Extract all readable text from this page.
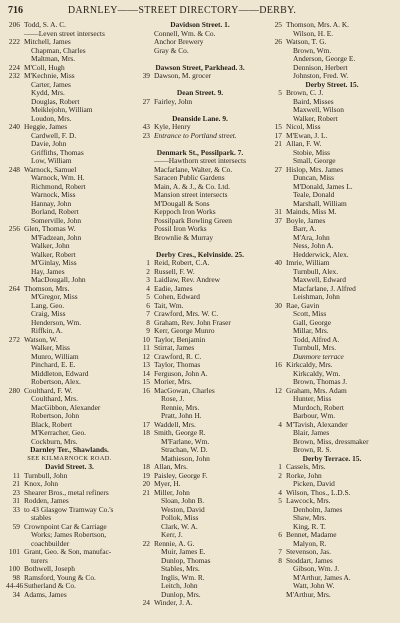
716	DARNLEY——STREET DIRECTORY——DERBY.
206 Todd, S. A. C.
——Leven street intersects
222 Mitchell, James
Chapman, Charles
Maltman, Mrs.
224 M'Coll, Hugh
232 M'Kechnie, Miss
Carter, James
Kydd, Mrs.
Douglas, Robert
Meiklejohn, William
Loudon, Mrs.
240 Heggie, James
Cardwell, F. D.
Davie, John
Griffiths, Thomas
Low, William
248 Warnock, Samuel
Warnock, Wm. H.
Richmond, Robert
Warnock, Miss
Hannay, John
Borland, Robert
Somerville, John
256 Glen, Thomas W.
M'Fadzean, John
Walker, John
Walker, Robert
M'Ginlay, Miss
Hay, James
MacDougall, John
264 Thomson, Mrs.
M'Gregor, Miss
Lang, Geo.
Craig, Miss
Henderson, Wm.
Riffkin, A.
272 Watson, W.
Walker, Miss
Munro, William
Pinchard, E. E.
Middleton, Edward
Robertson, Alex.
280 Coulthard, F. W.
Coulthard, Mrs.
MacGibbon, Alexander
Robertson, John
Black, Robert
M'Kerracher, Geo.
Cockburn, Mrs.
Darnley Ter., Shawlands.
SEE KILMARNOCK ROAD.
David Street. 3.
11 Turnbull, John
21 Knox, John
23 Shearer Bros., metal refiners
31 Rodden, James
33 to 43 Glasgow Tramway Co.'s
stables
59 Crownpoint Car & Carriage
Works; James Robertson,
coachbuilder
101 Grant, Geo. & Son, manufac-
turers
100 Bothwell, Joseph
98 Ramsford, Young & Co.
44-46 Sutherland & Co.
34 Adams, James
Davidson Street. 1.
Connell, Wm. & Co.
Anchor Brewery
Gray & Co.
Dawson Street, Parkhead. 3.
39 Dawson, M. grocer
Dean Street. 9.
27 Fairley, John
Deanside Lane. 9.
43 Kyle, Henry
23 Entrance to Portland street.
Denmark St., Possilpark. 7.
——Hawthorn street intersects
Macfarlane, Walter, & Co.
Saracen Public Gardens
Main, A. & J., & Co. Ltd.
Mansion street intersects
M'Dougall & Sons
Keppoch Iron Works
Possilpark Bowling Green
Possil Iron Works
Brownlie & Murray
Derby Cres., Kelvinside. 25.
1 Reid, Robert, C.A.
2 Russell, F. W.
3 Laidlaw, Rev. Andrew
4 Eadie, James
5 Cohen, Edward
6 Tait, Wm.
7 Crawford, Mrs. W. C.
8 Graham, Rev. John Fraser
9 Kerr, George Munro
10 Taylor, Benjamin
11 Stirrat, James
12 Crawford, R. C.
13 Taylor, Thomas
14 Ferguson, John A.
15 Morier, Mrs.
16 MacGowan, Charles
Rose, J.
Rennie, Mrs.
Pratt, John H.
17 Waddell, Mrs.
18 Smith, George R.
M'Farlane, Wm.
Strachan, W. D.
Mathieson, John
18 Allan, Mrs.
19 Paisley, George F.
20 Myer, H.
21 Miller, John
Sloan, John B.
Weston, David
Pollok, Miss
Clark, W. A.
Kerr, J.
22 Rennie, A. G.
Muir, James E.
Dunlop, Thomas
Stables, Mrs.
Inglis, Wm. R.
Leitch, John
Dunlop, Mrs.
24 Winder, J. A.
25 Thomson, Mrs. A. K.
Wilson, H. E.
26 Watson, T. G.
Brown, Wm.
Anderson, George E.
Dennison, Herbert
Johnston, Fred. W.
Derby Street. 15.
5 Brown, C. J.
Baird, Misses
Maxwell, Wilson
Walker, Robert
15 Nicol, Miss
17 M'Ewan, J. L.
21 Allan, F. W.
Stobie, Miss
Small, George
27 Hislop, Mrs. James
Duncan, Miss
M'Donald, James L.
Teale, Donald
Marshall, William
31 Mainds, Miss M.
37 Boyle, James
Barr, A.
M'Ara, John
Ness, John A.
Hedderwick, Alex.
40 Imrie, William
Turnbull, Alex.
Maxwell, Edward
Macfarlane, J. Alfred
Leishman, John
30 Rae, Gavin
Scott, Miss
Gall, George
Millar, Mrs.
Todd, Alfred A.
Turnbull, Mrs.
Dunmore terrace
16 Kirkcaldy, Mrs.
Kirkcaldy, Wm.
Brown, Thomas J.
12 Graham, Mrs. Adam
Hunter, Miss
Murdoch, Robert
Barbour, Wm.
4 M'Tavish, Alexander
Blair, James
Brown, Miss, dressmaker
Brown, R. S.
Derby Terrace. 15.
1 Cassels, Mrs.
2 Rorke, John
Picken, David
4 Wilson, Thos., L.D.S.
5 Lawcock, Mrs.
Denholm, James
Shaw, Mrs.
King, R. T.
6 Bennet, Madame
Malyon, R.
7 Stevenson, Jas.
8 Stoddart, James
Gibson, Wm. J.
M'Arthur, James A.
Watt, John W.
M'Arthur, Mrs.
